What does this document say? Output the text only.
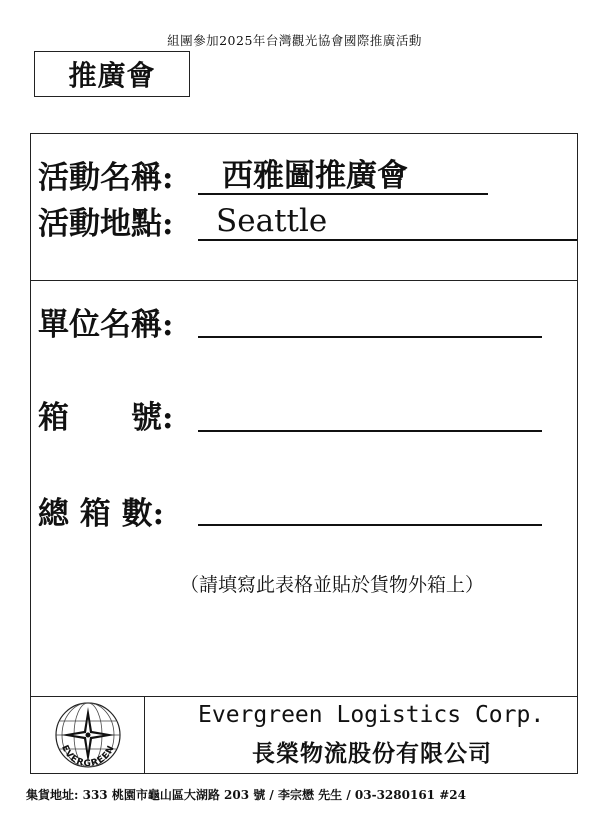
組團參加2025年台灣觀光協會國際推廣活動
推廣會
活動名稱: 西雅圖推廣會
活動地點: Seattle
單位名稱:
箱　　號:
總 箱 數:
（請填寫此表格並貼於貨物外箱上）
EVERGREEN
Evergreen Logistics Corp.
長榮物流股份有限公司
集貨地址: 333 桃園市龜山區大湖路 203 號 / 李宗懋 先生 / 03-3280161 #24
